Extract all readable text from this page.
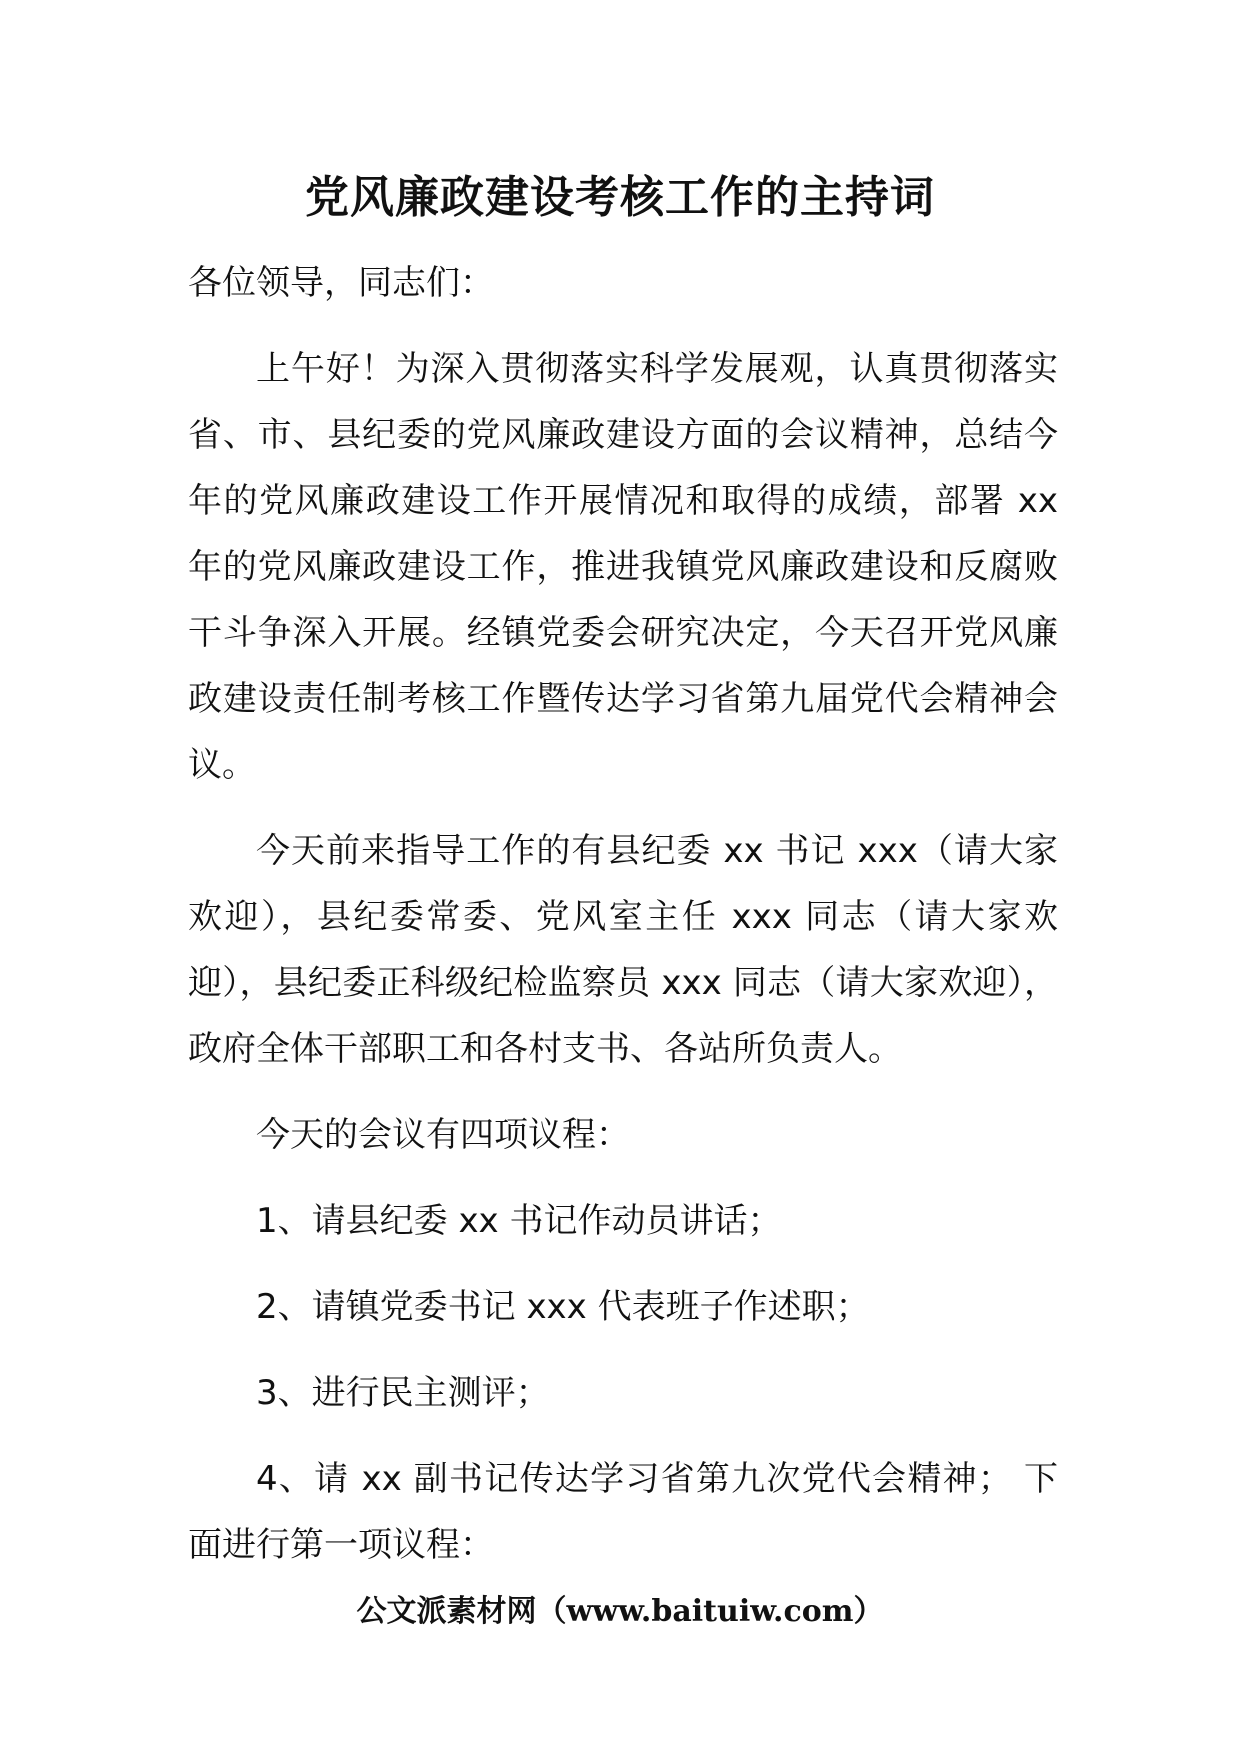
党风廉政建设考核工作的主持词

各位领导，同志们：

上午好！为深入贯彻落实科学发展观，认真贯彻落实省、市、县纪委的党风廉政建设方面的会议精神，总结今年的党风廉政建设工作开展情况和取得的成绩，部署 xx 年的党风廉政建设工作，推进我镇党风廉政建设和反腐败干斗争深入开展。经镇党委会研究决定，今天召开党风廉政建设责任制考核工作暨传达学习省第九届党代会精神会议。

今天前来指导工作的有县纪委 xx 书记 xxx（请大家欢迎），县纪委常委、党风室主任 xxx 同志（请大家欢迎），县纪委正科级纪检监察员 xxx 同志（请大家欢迎），政府全体干部职工和各村支书、各站所负责人。

今天的会议有四项议程：

1、请县纪委 xx 书记作动员讲话；

2、请镇党委书记 xxx 代表班子作述职；

3、进行民主测评；

4、请 xx 副书记传达学习省第九次党代会精神； 下面进行第一项议程：

公文派素材网（www.baituiw.com）
